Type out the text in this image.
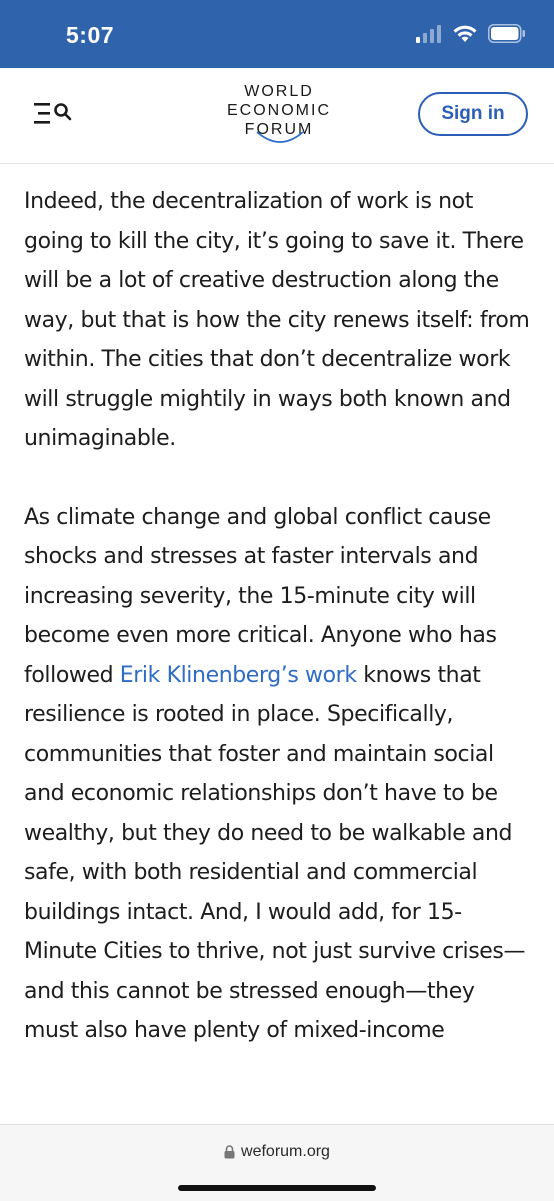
5:07
WORLD
ECONOMIC
FORUM
Sign in

Indeed, the decentralization of work is not going to kill the city, it’s going to save it. There will be a lot of creative destruction along the way, but that is how the city renews itself: from within. The cities that don’t decentralize work will struggle mightily in ways both known and unimaginable.

As climate change and global conflict cause shocks and stresses at faster intervals and increasing severity, the 15-minute city will become even more critical. Anyone who has followed Erik Klinenberg’s work knows that resilience is rooted in place. Specifically, communities that foster and maintain social and economic relationships don’t have to be wealthy, but they do need to be walkable and safe, with both residential and commercial buildings intact. And, I would add, for 15-Minute Cities to thrive, not just survive crises—and this cannot be stressed enough—they must also have plenty of mixed-income

weforum.org
